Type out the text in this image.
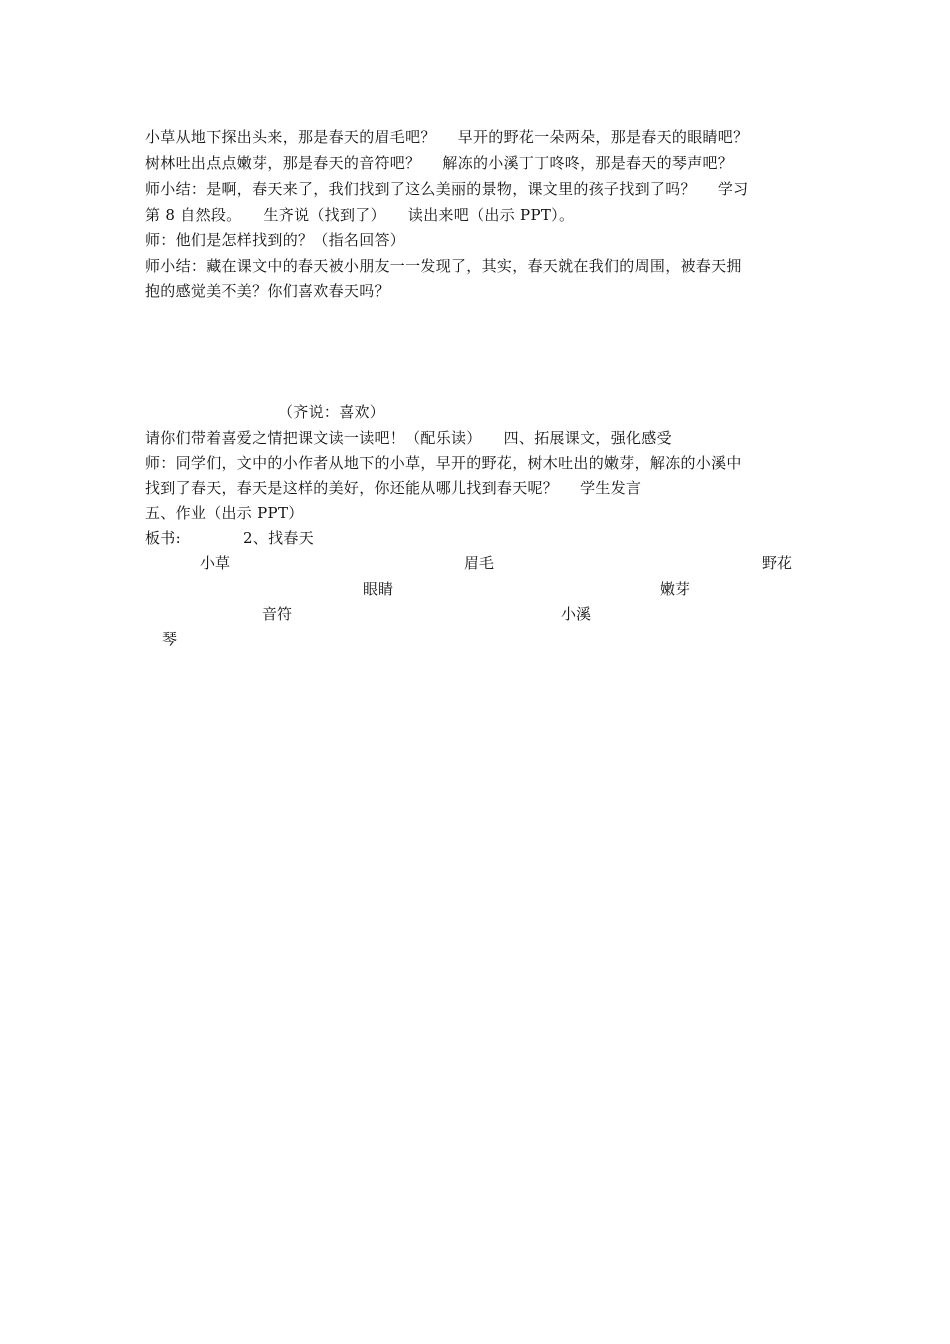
小草从地下探出头来，那是春天的眉毛吧？ 早开的野花一朵两朵，那是春天的眼睛吧？
树林吐出点点嫩芽，那是春天的音符吧？ 解冻的小溪丁丁咚咚，那是春天的琴声吧？
师小结：是啊，春天来了，我们找到了这么美丽的景物，课文里的孩子找到了吗？ 学习
第 8 自然段。 生齐说（找到了） 读出来吧（出示 PPT）。
师：他们是怎样找到的？（指名回答）
师小结：藏在课文中的春天被小朋友一一发现了，其实，春天就在我们的周围，被春天拥
抱的感觉美不美？你们喜欢春天吗？
（齐说：喜欢）
请你们带着喜爱之情把课文读一读吧！（配乐读） 四、拓展课文，强化感受
师：同学们，文中的小作者从地下的小草，早开的野花，树木吐出的嫩芽，解冻的小溪中
找到了春天，春天是这样的美好，你还能从哪儿找到春天呢？ 学生发言
五、作业（出示 PPT）
板书:	2、找春天
小草	眉毛	野花
眼睛	嫩芽
音符	小溪
琴
